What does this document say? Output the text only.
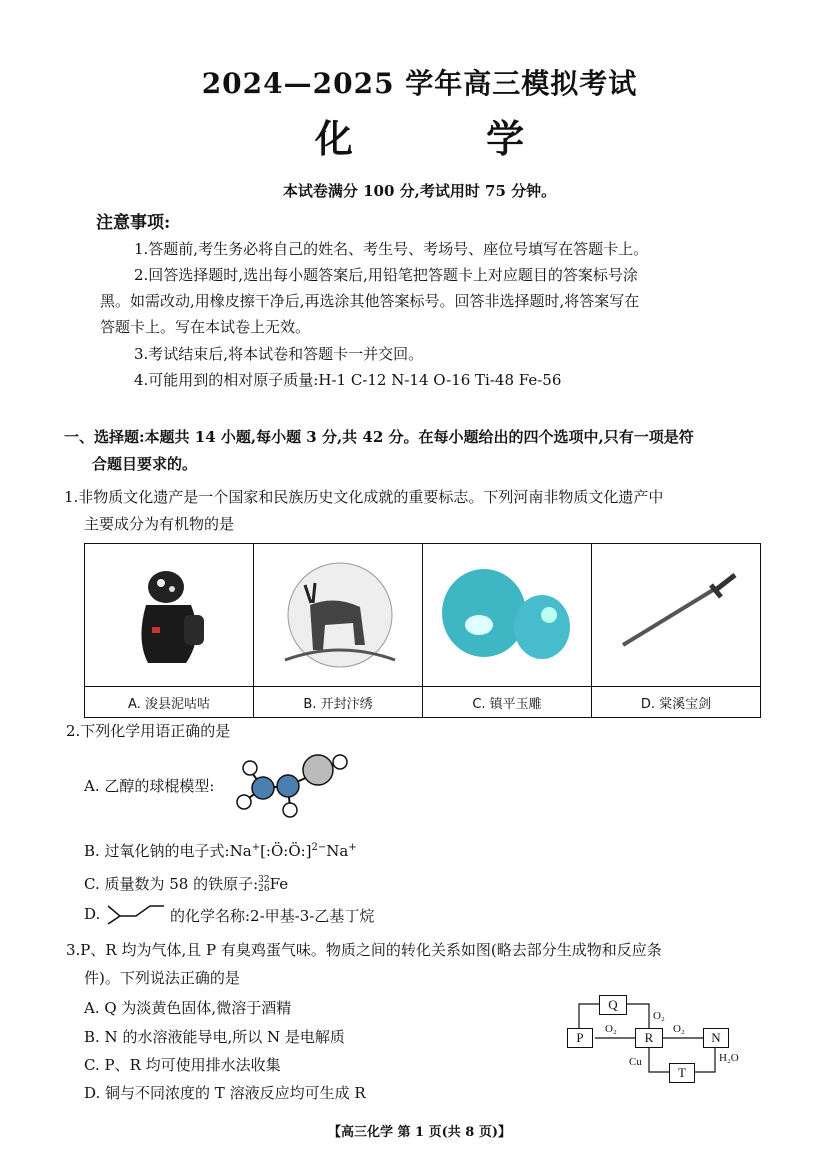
2024—2025 学年高三模拟考试
化 学
本试卷满分 100 分,考试用时 75 分钟。
注意事项:
1.答题前,考生务必将自己的姓名、考生号、考场号、座位号填写在答题卡上。
2.回答选择题时,选出每小题答案后,用铅笔把答题卡上对应题目的答案标号涂
黑。如需改动,用橡皮擦干净后,再选涂其他答案标号。回答非选择题时,将答案写在
答题卡上。写在本试卷上无效。
3.考试结束后,将本试卷和答题卡一并交回。
4.可能用到的相对原子质量:H-1 C-12 N-14 O-16 Ti-48 Fe-56
一、选择题:本题共 14 小题,每小题 3 分,共 42 分。在每小题给出的四个选项中,只有一项是符
合题目要求的。
1.非物质文化遗产是一个国家和民族历史文化成就的重要标志。下列河南非物质文化遗产中
主要成分为有机物的是

A. 浚县泥咕咕	B. 开封汴绣	C. 镇平玉雕	D. 棠溪宝剑
2.下列化学用语正确的是
A. 乙醇的球棍模型:
B. 过氧化钠的电子式:Na+[:Ö:Ö:]$^{2-}$Na+
C. 质量数为 58 的铁原子: 32
26 Fe
D.	的化学名称:2-甲基-3-乙基丁烷
3.P、R 均为气体,且 P 有臭鸡蛋气味。物质之间的转化关系如图(略去部分生成物和反应条
件)。下列说法正确的是
A. Q 为淡黄色固体,微溶于酒精
B. N 的水溶液能导电,所以 N 是电解质
C. P、R 均可使用排水法收集
D. 铜与不同浓度的 T 溶液反应均可生成 R
P
Q
R	N
T
O₂
O₂
O₂
Cu	H₂O
【高三化学 第 1 页(共 8 页)】
